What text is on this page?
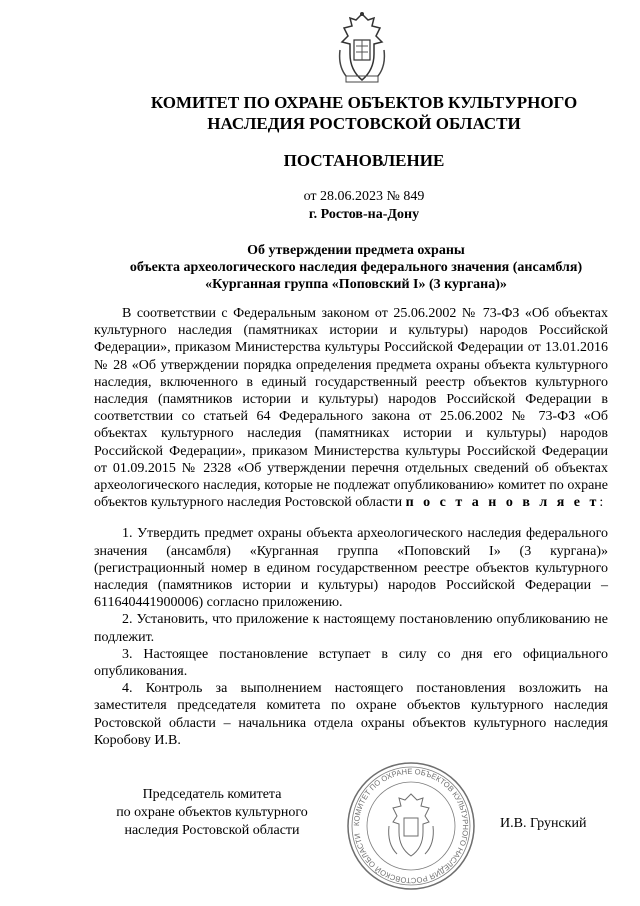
КОМИТЕТ ПО ОХРАНЕ ОБЪЕКТОВ КУЛЬТУРНОГО
НАСЛЕДИЯ РОСТОВСКОЙ ОБЛАСТИ
ПОСТАНОВЛЕНИЕ
от 28.06.2023 № 849
г. Ростов-на-Дону
Об утверждении предмета охраны
объекта археологического наследия федерального значения (ансамбля)
«Курганная группа «Поповский I» (3 кургана)»

В соответствии с Федеральным законом от 25.06.2002 № 73-ФЗ «Об объектах культурного наследия (памятниках истории и культуры) народов Российской Федерации», приказом Министерства культуры Российской Федерации от 13.01.2016 № 28 «Об утверждении порядка определения предмета охраны объекта культурного наследия, включенного в единый государственный реестр объектов культурного наследия (памятников истории и культуры) народов Российской Федерации в соответствии со статьей 64 Федерального закона от 25.06.2002 № 73-ФЗ «Об объектах культурного наследия (памятниках истории и культуры) народов Российской Федерации», приказом Министерства культуры Российской Федерации от 01.09.2015 № 2328 «Об утверждении перечня отдельных сведений об объектах археологического наследия, которые не подлежат опубликованию» комитет по охране объектов культурного наследия Ростовской области п о с т а н о в л я е т:

1. Утвердить предмет охраны объекта археологического наследия федерального значения (ансамбля) «Курганная группа «Поповский I» (3 кургана)» (регистрационный номер в едином государственном реестре объектов культурного наследия (памятников истории и культуры) народов Российской Федерации – 611640441900006) согласно приложению.

2. Установить, что приложение к настоящему постановлению опубликованию не подлежит.

3. Настоящее постановление вступает в силу со дня его официального опубликования.

4. Контроль за выполнением настоящего постановления возложить на заместителя председателя комитета по охране объектов культурного наследия Ростовской области – начальника отдела охраны объектов культурного наследия Коробову И.В.

Председатель комитета
по охране объектов культурного
наследия Ростовской области	КОМИТЕТ ПО ОХРАНЕ ОБЪЕКТОВ КУЛЬТУРНОГО НАСЛЕДИЯ РОСТОВСКОЙ ОБЛАСТИ
И.В. Грунский
